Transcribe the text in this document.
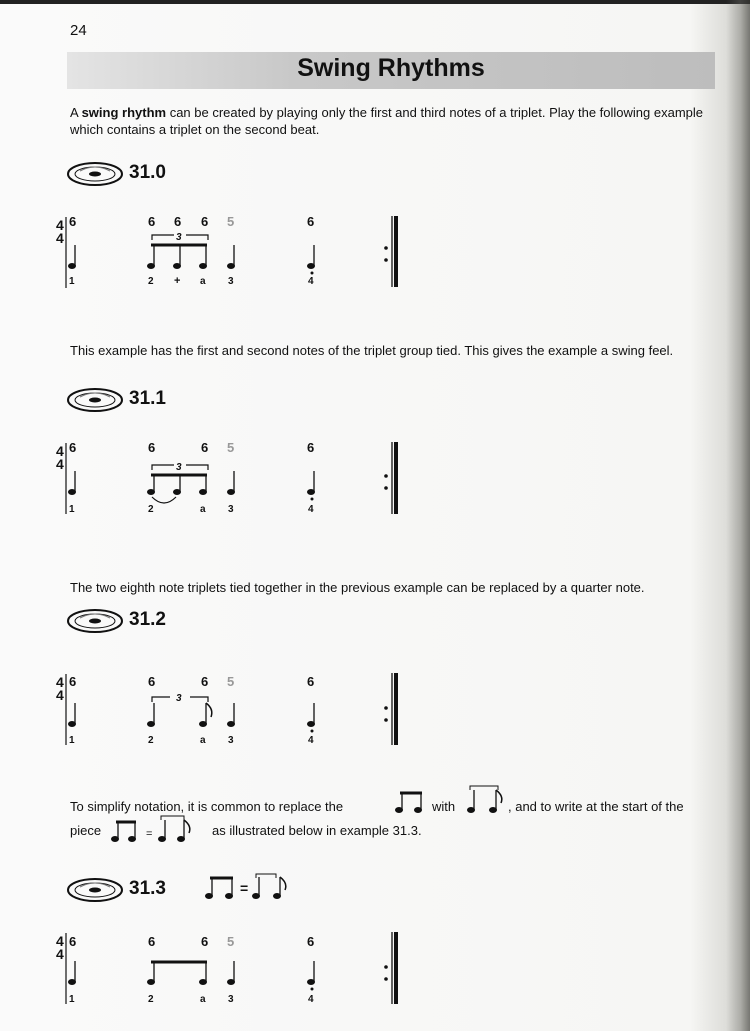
24
Swing Rhythms

A swing rhythm can be created by playing only the first and third notes of a triplet. Play the following example which contains a triplet on the second beat.

31.0
4
4
6	6 6 6 5	6
3
1	2 + a 3	4
4
4
6	6	6 5	6
3
1	2	a 3	4
4
4
6	6	6 5	6
3
1	2	a 3	4
4
4
6	6	6 5	6
1	2	a 3	4
=
=

This example has the first and second notes of the triplet group tied. This gives the example a swing feel.

31.1

The two eighth note triplets tied together in the previous example can be replaced by a quarter note.

31.2
To simplify notation, it is common to replace the	with	, and to write at the start of the
piece	as illustrated below in example 31.3.
31.3
